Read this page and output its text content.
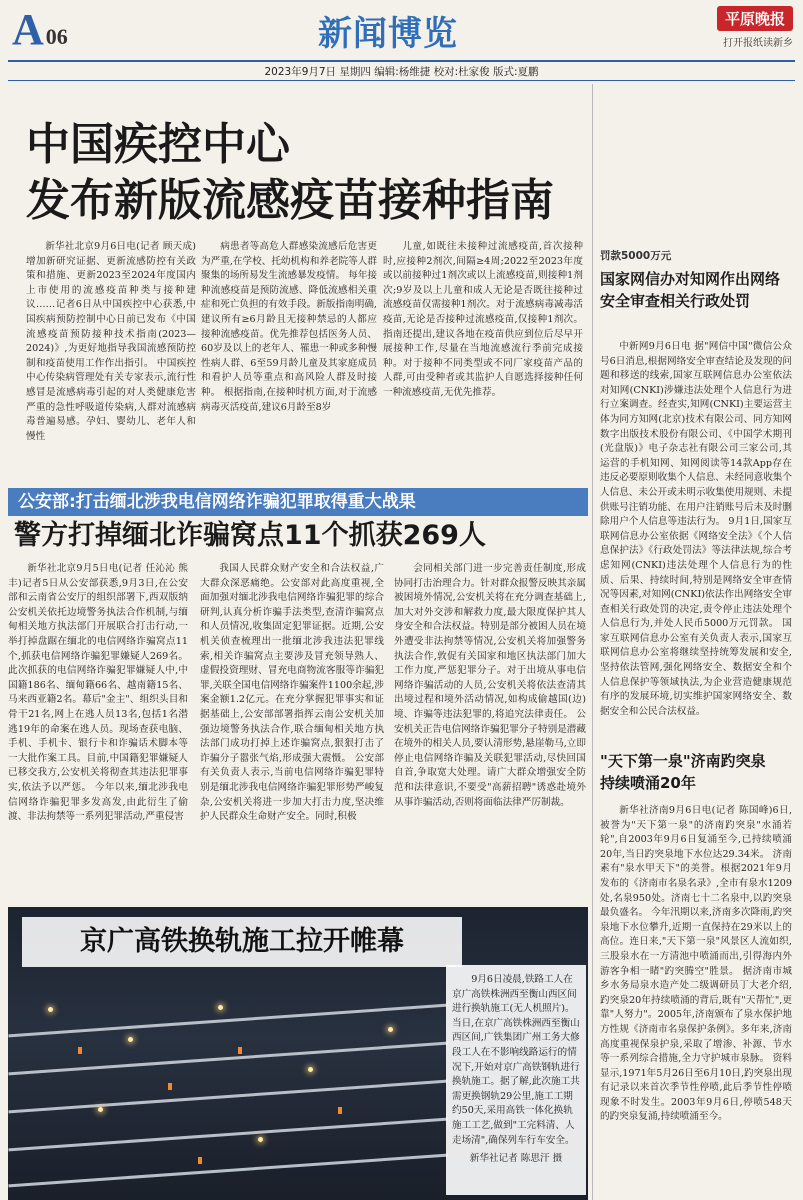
A06	新闻博览	平原晚报
打开报纸读新乡
2023年9月7日 星期四 编辑:杨维捷 校对:杜家俊 版式:夏鹏
中国疾控中心
发布新版流感疫苗接种指南

新华社北京9月6日电(记者 顾天成)增加新研究证据、更新流感防控有关政策和措施、更新2023至2024年度国内上市使用的流感疫苗种类与接种建议……记者6日从中国疾控中心获悉,中国疾病预防控制中心日前已发布《中国流感疫苗预防接种技术指南(2023—2024)》,为更好地指导我国流感预防控制和疫苗使用工作作出指引。 中国疾控中心传染病管理处有关专家表示,流行性感冒是流感病毒引起的对人类健康危害严重的急性呼吸道传染病,人群对流感病毒普遍易感。孕妇、婴幼儿、老年人和慢性

病患者等高危人群感染流感后危害更为严重,在学校、托幼机构和养老院等人群聚集的场所易发生流感暴发疫情。 每年接种流感疫苗是预防流感、降低流感相关重症和死亡负担的有效手段。新版指南明确,建议所有≥6月龄且无接种禁忌的人都应接种流感疫苗。优先推荐包括医务人员、60岁及以上的老年人、罹患一种或多种慢性病人群、6至59月龄儿童及其家庭成员和看护人员等重点和高风险人群及时接种。 根据指南,在接种时机方面,对于流感病毒灭活疫苗,建议6月龄至8岁

儿童,如既往未接种过流感疫苗,首次接种时,应接种2剂次,间隔≥4周;2022至2023年度或以前接种过1剂次或以上流感疫苗,则接种1剂次;9岁及以上儿童和成人无论是否既往接种过流感疫苗仅需接种1剂次。对于流感病毒减毒活疫苗,无论是否接种过流感疫苗,仅接种1剂次。 指南还提出,建议各地在疫苗供应到位后尽早开展接种工作,尽量在当地流感流行季前完成接种。对于接种不同类型或不同厂家疫苗产品的人群,可由受种者或其监护人自愿选择接种任何一种流感疫苗,无优先推荐。

罚款5000万元
国家网信办对知网作出网络安全审查相关行政处罚

中新网9月6日电 据"网信中国"微信公众号6日消息,根据网络安全审查结论及发现的问题和移送的线索,国家互联网信息办公室依法对知网(CNKI)涉嫌违法处理个人信息行为进行立案调查。经查实,知网(CNKI)主要运营主体为同方知网(北京)技术有限公司、同方知网数字出版技术股份有限公司、《中国学术期刊(光盘版)》电子杂志社有限公司三家公司,其运营的手机知网、知网阅读等14款App存在违反必要原则收集个人信息、未经同意收集个人信息、未公开或未明示收集使用规则、未提供账号注销功能、在用户注销账号后未及时删除用户个人信息等违法行为。 9月1日,国家互联网信息办公室依据《网络安全法》《个人信息保护法》《行政处罚法》等法律法规,综合考虑知网(CNKI)违法处理个人信息行为的性质、后果、持续时间,特别是网络安全审查情况等因素,对知网(CNKI)依法作出网络安全审查相关行政处罚的决定,责令停止违法处理个人信息行为,并处人民币5000万元罚款。 国家互联网信息办公室有关负责人表示,国家互联网信息办公室将继续坚持统筹发展和安全,坚持依法管网,强化网络安全、数据安全和个人信息保护等领域执法,为企业营造健康规范有序的发展环境,切实维护国家网络安全、数据安全和公民合法权益。

公安部:打击缅北涉我电信网络诈骗犯罪取得重大战果
警方打掉缅北诈骗窝点11个抓获269人

新华社北京9月5日电(记者 任沁沁 熊丰)记者5日从公安部获悉,9月3日,在公安部和云南省公安厅的组织部署下,西双版纳公安机关依托边境警务执法合作机制,与缅甸相关地方执法部门开展联合打击行动,一举打掉盘踞在缅北的电信网络诈骗窝点11个,抓获电信网络诈骗犯罪嫌疑人269名。 此次抓获的电信网络诈骗犯罪嫌疑人中,中国籍186名、缅甸籍66名、越南籍15名、马来西亚籍2名。幕后"金主"、组织头目和骨干21名,网上在逃人员13名,包括1名潜逃19年的命案在逃人员。现场查获电脑、手机、手机卡、银行卡和诈骗话术脚本等一大批作案工具。目前,中国籍犯罪嫌疑人已移交我方,公安机关将彻查其违法犯罪事实,依法予以严惩。 今年以来,缅北涉我电信网络诈骗犯罪多发高发,由此衍生了偷渡、非法拘禁等一系列犯罪活动,严重侵害

我国人民群众财产安全和合法权益,广大群众深恶痛绝。公安部对此高度重视,全面加强对缅北涉我电信网络诈骗犯罪的综合研判,认真分析诈骗手法类型,查清诈骗窝点和人员情况,收集固定犯罪证据。近期,公安机关侦查梳理出一批缅北涉我违法犯罪线索,相关诈骗窝点主要涉及冒充领导熟人、虚假投资理财、冒充电商物流客服等诈骗犯罪,关联全国电信网络诈骗案件1100余起,涉案金额1.2亿元。在充分掌握犯罪事实和证据基础上,公安部部署指挥云南公安机关加强边境警务执法合作,联合缅甸相关地方执法部门成功打掉上述诈骗窝点,狠狠打击了诈骗分子嚣张气焰,形成强大震慑。 公安部有关负责人表示,当前电信网络诈骗犯罪特别是缅北涉我电信网络诈骗犯罪形势严峻复杂,公安机关将进一步加大打击力度,坚决维护人民群众生命财产安全。同时,积极

会同相关部门进一步完善责任制度,形成协同打击治理合力。针对群众报警反映其亲属被困境外情况,公安机关将在充分调查基础上,加大对外交涉和解救力度,最大限度保护其人身安全和合法权益。特别是部分被困人员在境外遭受非法拘禁等情况,公安机关将加强警务执法合作,敦促有关国家和地区执法部门加大工作力度,严惩犯罪分子。对于出境从事电信网络诈骗活动的人员,公安机关将依法查清其出境过程和境外活动情况,如构成偷越国(边)境、诈骗等违法犯罪的,将追究法律责任。 公安机关正告电信网络诈骗犯罪分子特别是潜藏在境外的相关人员,要认清形势,悬崖勒马,立即停止电信网络诈骗及关联犯罪活动,尽快回国自首,争取宽大处理。请广大群众增强安全防范和法律意识,不要受"高薪招聘"诱惑赴境外从事诈骗活动,否则将面临法律严厉制裁。

"天下第一泉"济南趵突泉
持续喷涌20年

新华社济南9月6日电(记者 陈国峰)6日,被誉为"天下第一泉"的济南趵突泉"水涌若轮",自2003年9月6日复涌至今,已持续喷涌20年,当日趵突泉地下水位达29.34米。 济南素有"泉水甲天下"的美誉。根据2021年9月发布的《济南市名泉名录》,全市有泉水1209处,名泉950处。济南七十二名泉中,以趵突泉最负盛名。 今年汛期以来,济南多次降雨,趵突泉地下水位攀升,近期一直保持在29米以上的高位。连日来,"天下第一泉"风景区人流如织,三股泉水在一方清池中喷涌而出,引得海内外游客争相一睹"趵突腾空"胜景。 据济南市城乡水务局泉水造产处二级调研员丁大老介绍,趵突泉20年持续喷涌的背后,既有"天帮忙",更靠"人努力"。2005年,济南颁布了泉水保护地方性规《济南市名泉保护条例》。多年来,济南高度重视保泉护泉,采取了增渗、补源、节水等一系列综合措施,全力守护城市泉脉。 资料显示,1971年5月26日至6月10日,趵突泉出现有记录以来首次季节性停喷,此后季节性停喷现象不时发生。2003年9月6日,停喷548天的趵突泉复涌,持续喷涌至今。

京广高铁换轨施工拉开帷幕

9月6日凌晨,铁路工人在京广高铁株洲西至衡山西区间进行换轨施工(无人机照片)。 当日,在京广高铁株洲西至衡山西区间,广铁集团广州工务大修段工人在不影响线路运行的情况下,开始对京广高铁钢轨进行换轨施工。据了解,此次施工共需更换钢轨29公里,施工工期约50天,采用高铁一体化换轨施工工艺,做到"工完料清、人走场清",确保列车行车安全。

新华社记者 陈思汗 摄
